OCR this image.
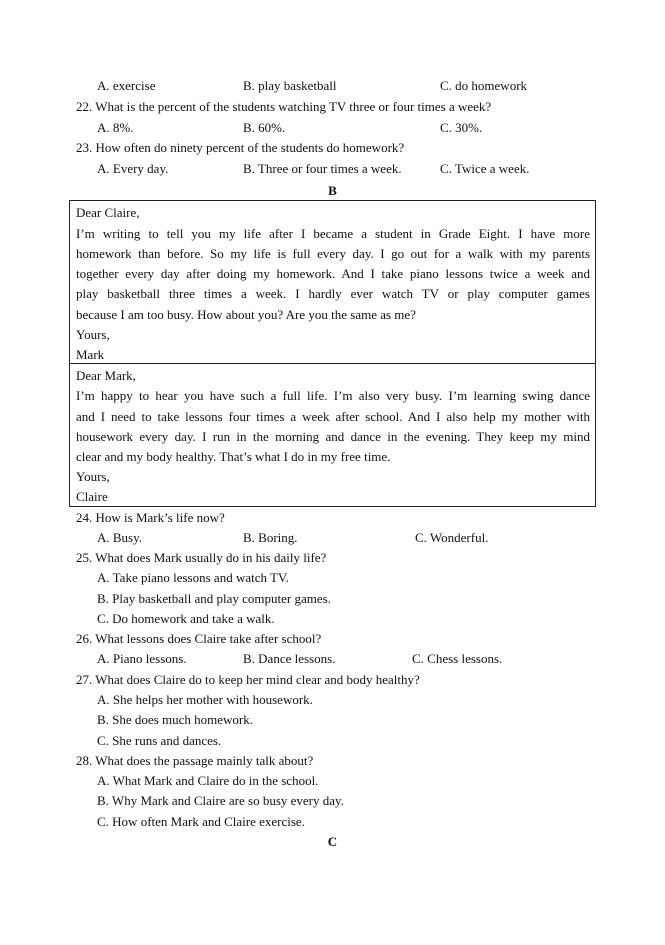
A. exercise	B. play basketball	C. do homework
22. What is the percent of the students watching TV three or four times a week?
A. 8%.	B. 60%.	C. 30%.
23. How often do ninety percent of the students do homework?
A. Every day.	B. Three or four times a week.	C. Twice a week.
B
Dear Claire,
I’m writing to tell you my life after I became a student in Grade Eight. I have more
homework than before. So my life is full every day. I go out for a walk with my parents
together every day after doing my homework. And I take piano lessons twice a week and
play basketball three times a week. I hardly ever watch TV or play computer games
because I am too busy. How about you? Are you the same as me?
Yours,
Mark
Dear Mark,
I’m happy to hear you have such a full life. I’m also very busy. I’m learning swing dance
and I need to take lessons four times a week after school. And I also help my mother with
housework every day. I run in the morning and dance in the evening. They keep my mind
clear and my body healthy. That’s what I do in my free time.
Yours,
Claire
24. How is Mark’s life now?
A. Busy.	B. Boring.	C. Wonderful.
25. What does Mark usually do in his daily life?
A. Take piano lessons and watch TV.
B. Play basketball and play computer games.
C. Do homework and take a walk.
26. What lessons does Claire take after school?
A. Piano lessons.	B. Dance lessons.	C. Chess lessons.
27. What does Claire do to keep her mind clear and body healthy?
A. She helps her mother with housework.
B. She does much homework.
C. She runs and dances.
28. What does the passage mainly talk about?
A. What Mark and Claire do in the school.
B. Why Mark and Claire are so busy every day.
C. How often Mark and Claire exercise.
C
